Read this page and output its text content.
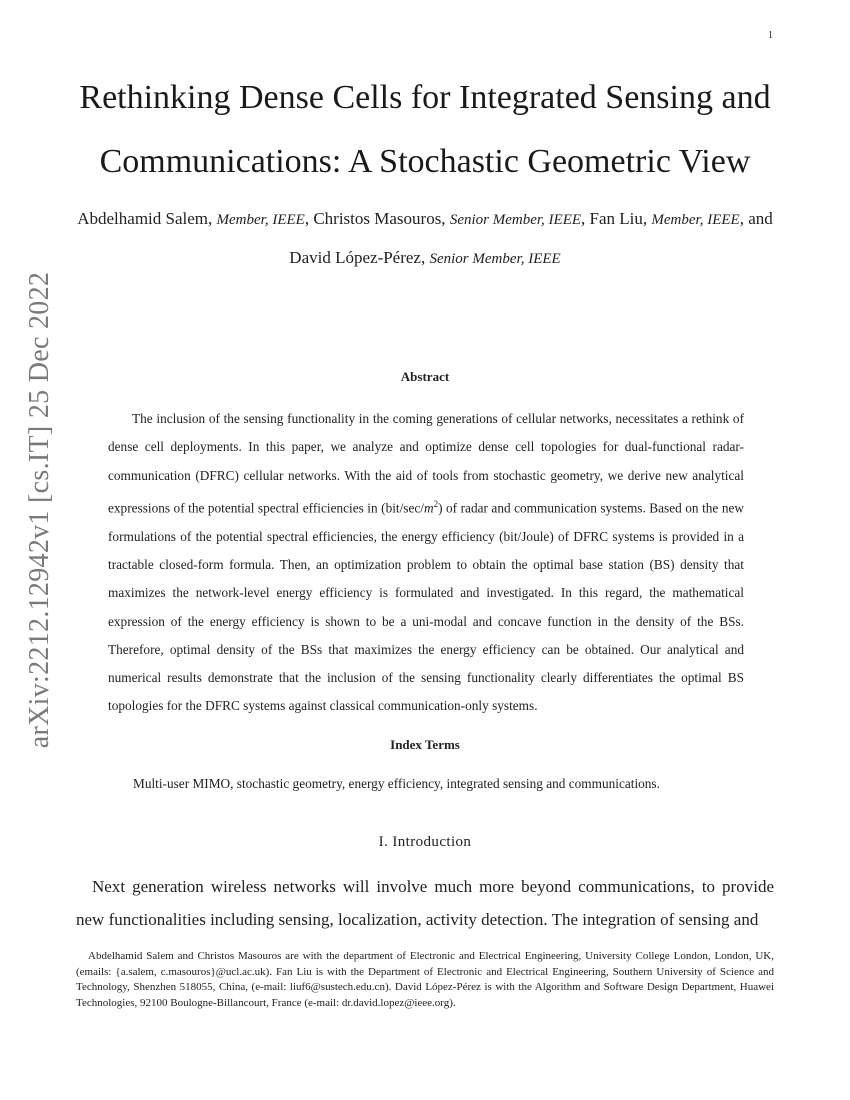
1
arXiv:2212.12942v1 [cs.IT] 25 Dec 2022
Rethinking Dense Cells for Integrated Sensing and Communications: A Stochastic Geometric View
Abdelhamid Salem, Member, IEEE, Christos Masouros, Senior Member, IEEE, Fan Liu, Member, IEEE, and David López-Pérez, Senior Member, IEEE
Abstract
The inclusion of the sensing functionality in the coming generations of cellular networks, necessitates a rethink of dense cell deployments. In this paper, we analyze and optimize dense cell topologies for dual-functional radar-communication (DFRC) cellular networks. With the aid of tools from stochastic geometry, we derive new analytical expressions of the potential spectral efficiencies in $(bit/\sec/m^2)$ of radar and communication systems. Based on the new formulations of the potential spectral efficiencies, the energy efficiency (bit/Joule) of DFRC systems is provided in a tractable closed-form formula. Then, an optimization problem to obtain the optimal base station (BS) density that maximizes the network-level energy efficiency is formulated and investigated. In this regard, the mathematical expression of the energy efficiency is shown to be a uni-modal and concave function in the density of the BSs. Therefore, optimal density of the BSs that maximizes the energy efficiency can be obtained. Our analytical and numerical results demonstrate that the inclusion of the sensing functionality clearly differentiates the optimal BS topologies for the DFRC systems against classical communication-only systems.
Index Terms
Multi-user MIMO, stochastic geometry, energy efficiency, integrated sensing and communications.
I. Introduction
Next generation wireless networks will involve much more beyond communications, to provide new functionalities including sensing, localization, activity detection. The integration of sensing and
Abdelhamid Salem and Christos Masouros are with the department of Electronic and Electrical Engineering, University College London, London, UK, (emails: {a.salem, c.masouros}@ucl.ac.uk). Fan Liu is with the Department of Electronic and Electrical Engineering, Southern University of Science and Technology, Shenzhen 518055, China, (e-mail: liuf6@sustech.edu.cn). David López-Pérez is with the Algorithm and Software Design Department, Huawei Technologies, 92100 Boulogne-Billancourt, France (e-mail: dr.david.lopez@ieee.org).
